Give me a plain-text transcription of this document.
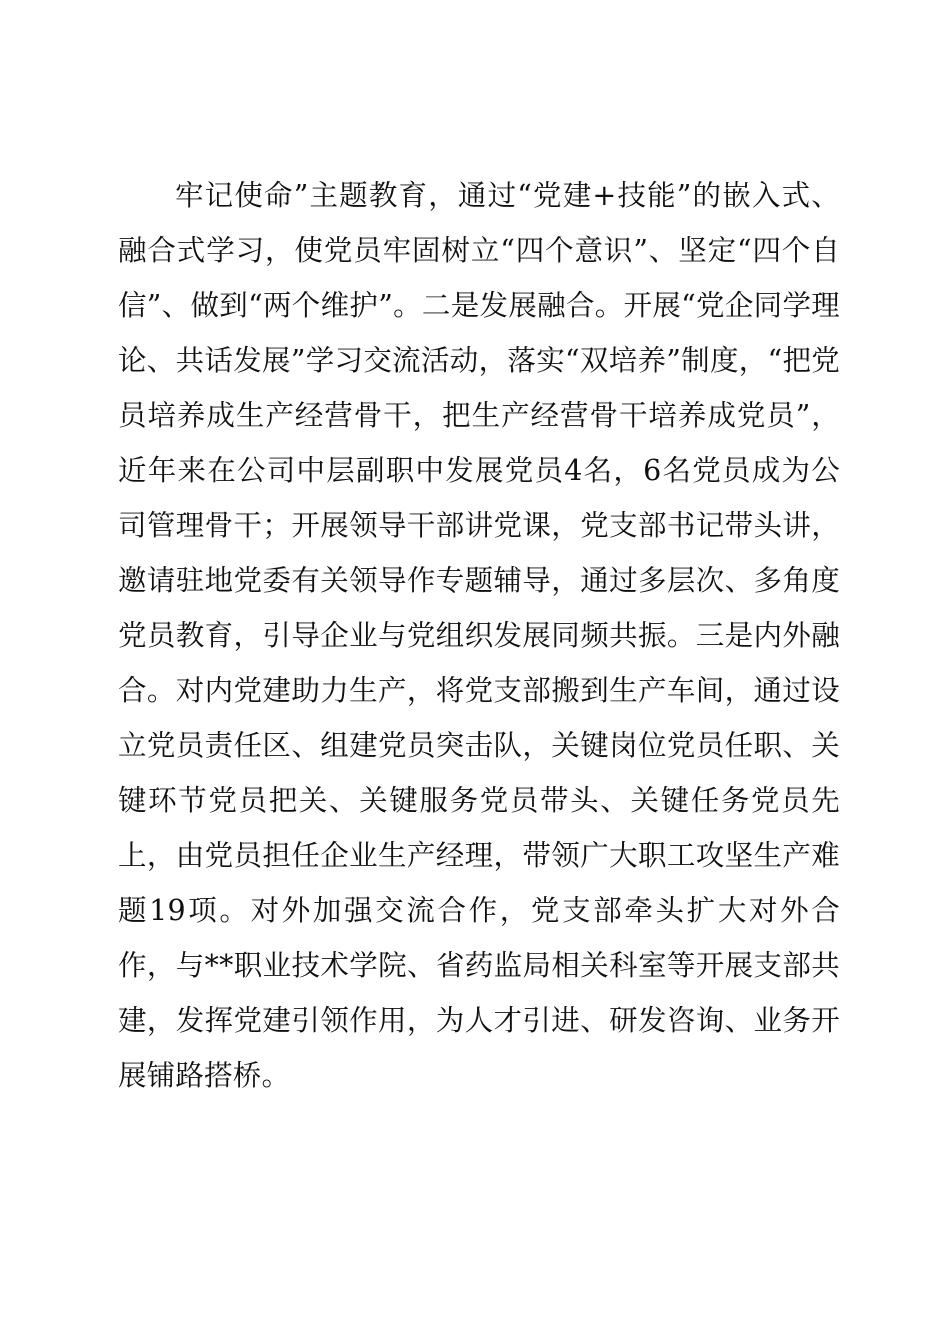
牢记使命”主题教育，通过“党建+技能”的嵌入式、融合式学习，使党员牢固树立“四个意识”、坚定“四个自信”、做到“两个维护”。二是发展融合。开展“党企同学理论、共话发展”学习交流活动，落实“双培养”制度，“把党员培养成生产经营骨干，把生产经营骨干培养成党员”，近年来在公司中层副职中发展党员4名，6名党员成为公司管理骨干；开展领导干部讲党课，党支部书记带头讲，邀请驻地党委有关领导作专题辅导，通过多层次、多角度党员教育，引导企业与党组织发展同频共振。三是内外融合。对内党建助力生产，将党支部搬到生产车间，通过设立党员责任区、组建党员突击队，关键岗位党员任职、关键环节党员把关、关键服务党员带头、关键任务党员先上，由党员担任企业生产经理，带领广大职工攻坚生产难题19项。对外加强交流合作，党支部牵头扩大对外合作，与**职业技术学院、省药监局相关科室等开展支部共建，发挥党建引领作用，为人才引进、研发咨询、业务开展铺路搭桥。
